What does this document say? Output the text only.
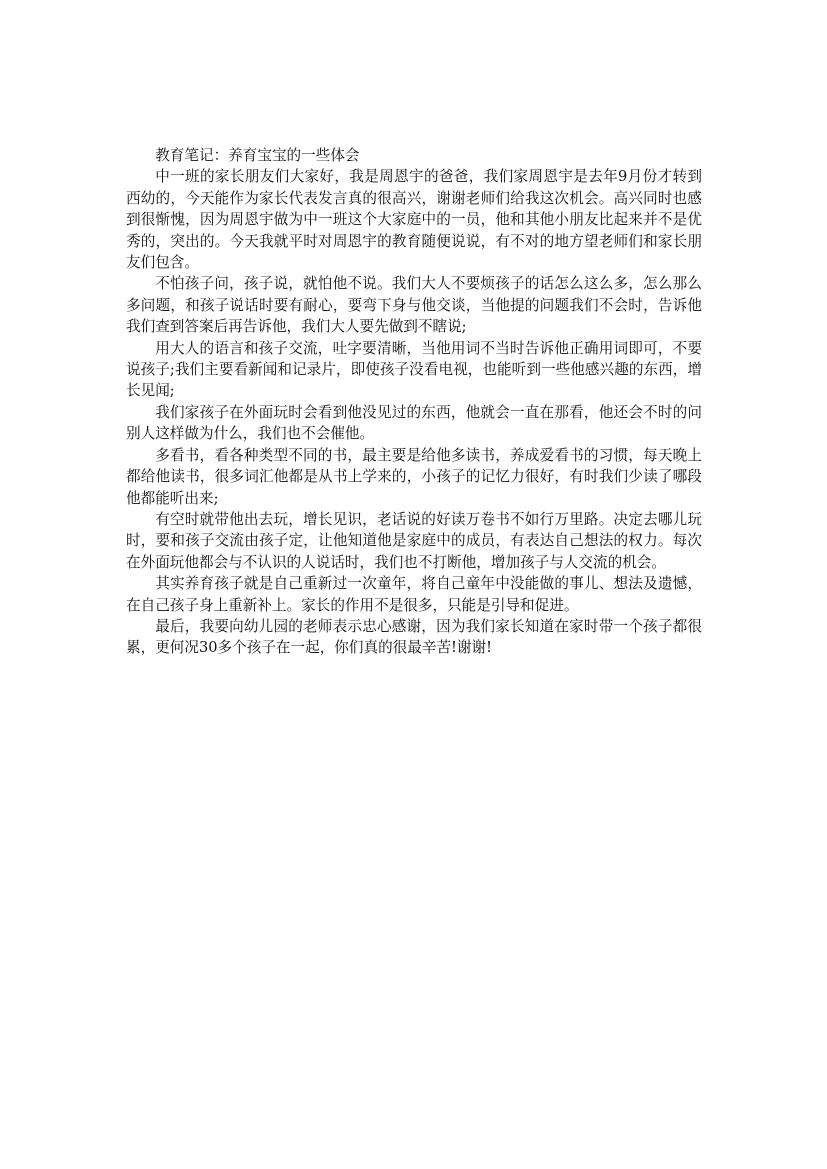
教育笔记：养育宝宝的一些体会

中一班的家长朋友们大家好，我是周恩宇的爸爸，我们家周恩宇是去年9月份才转到西幼的，今天能作为家长代表发言真的很高兴，谢谢老师们给我这次机会。高兴同时也感到很惭愧，因为周恩宇做为中一班这个大家庭中的一员，他和其他小朋友比起来并不是优秀的，突出的。今天我就平时对周恩宇的教育随便说说，有不对的地方望老师们和家长朋友们包含。

不怕孩子问，孩子说，就怕他不说。我们大人不要烦孩子的话怎么这么多，怎么那么多问题，和孩子说话时要有耐心，要弯下身与他交谈，当他提的问题我们不会时，告诉他我们查到答案后再告诉他，我们大人要先做到不瞎说;

用大人的语言和孩子交流，吐字要清晰，当他用词不当时告诉他正确用词即可，不要说孩子;我们主要看新闻和记录片，即使孩子没看电视，也能听到一些他感兴趣的东西，增长见闻;

我们家孩子在外面玩时会看到他没见过的东西，他就会一直在那看，他还会不时的问别人这样做为什么，我们也不会催他。

多看书，看各种类型不同的书，最主要是给他多读书，养成爱看书的习惯，每天晚上都给他读书，很多词汇他都是从书上学来的，小孩子的记忆力很好，有时我们少读了哪段他都能听出来;

有空时就带他出去玩，增长见识，老话说的好读万卷书不如行万里路。决定去哪儿玩时，要和孩子交流由孩子定，让他知道他是家庭中的成员，有表达自己想法的权力。每次在外面玩他都会与不认识的人说话时，我们也不打断他，增加孩子与人交流的机会。

其实养育孩子就是自己重新过一次童年，将自己童年中没能做的事儿、想法及遗憾，在自己孩子身上重新补上。家长的作用不是很多，只能是引导和促进。

最后，我要向幼儿园的老师表示忠心感谢，因为我们家长知道在家时带一个孩子都很累，更何况30多个孩子在一起，你们真的很最辛苦!谢谢!
